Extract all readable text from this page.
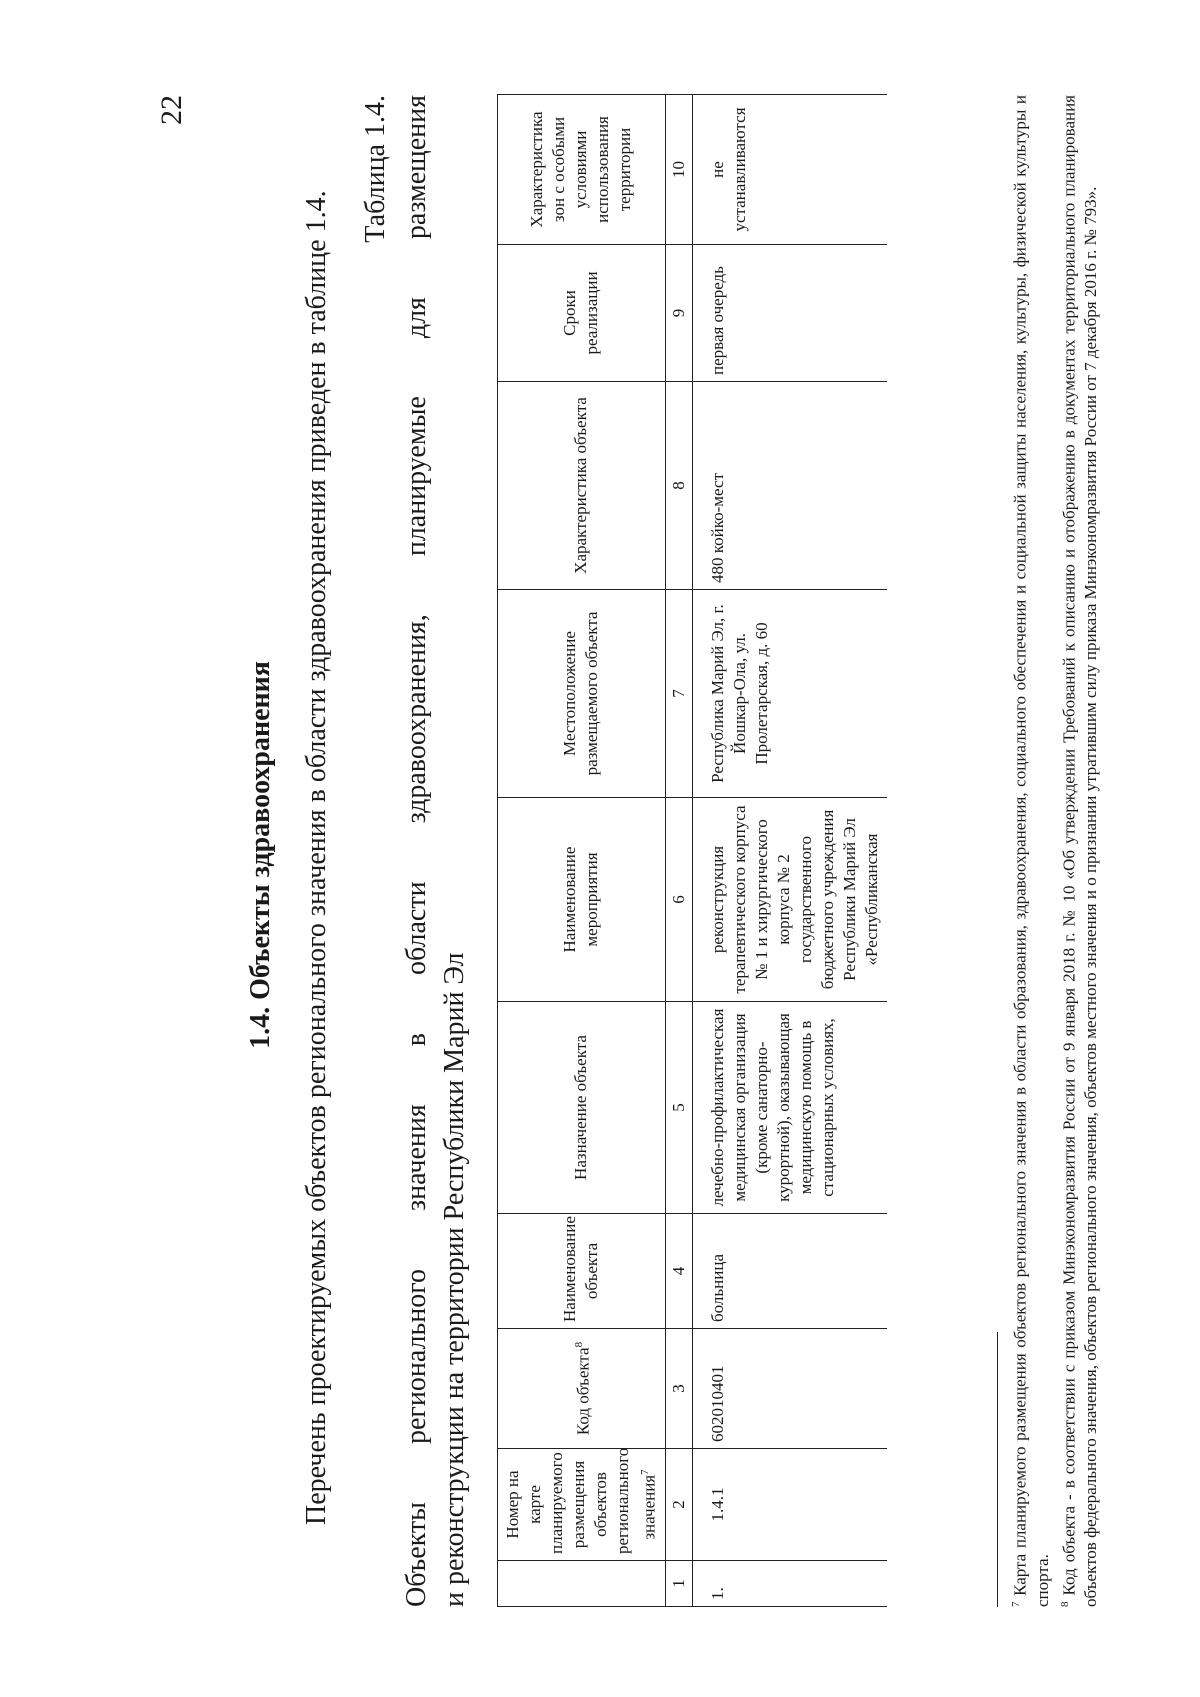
22
1.4. Объекты здравоохранения Перечень проектируемых объектов регионального значения в области здравоохранения приведен в таблице 1.4.
Таблица 1.4. Объекты регионального значения в области здравоохранения, планируемые для размещения и реконструкции на территории Республики Марий Эл
	Номер на карте планируемого размещения объектов регионального значения$^7$	Код объекта$^8$	Наименование объекта	Назначение объекта	Наименование мероприятия	Местоположение размещаемого объекта	Характеристика объекта	Сроки реализации	Характеристика зон с особыми условиями использования территории
1	2	3	4	5	6	7	8	9	10
1.	1.4.1	602010401	больница	лечебно-профилактическая медицинская организация (кроме санаторно-курортной), оказывающая медицинскую помощь в стационарных условиях,	реконструкция терапевтического корпуса № 1 и хирургического корпуса № 2 государственного бюджетного учреждения Республики Марий Эл «Республиканская	Республика Марий Эл, г. Йошкар-Ола, ул. Пролетарская, д. 60	480 койко-мест	первая очередь	не устанавливаются

$^7$ Карта планируемого размещения объектов регионального значения в области образования, здравоохранения, социального обеспечения и социальной защиты населения, культуры, физической культуры и спорта. $^8$ Код объекта - в соответствии с приказом Минэкономразвития России от 9 января 2018 г. № 10 «Об утверждении Требований к описанию и отображению в документах территориального планирования объектов федерального значения, объектов регионального значения, объектов местного значения и о признании утратившим силу приказа Минэкономразвития России от 7 декабря 2016 г. № 793».
